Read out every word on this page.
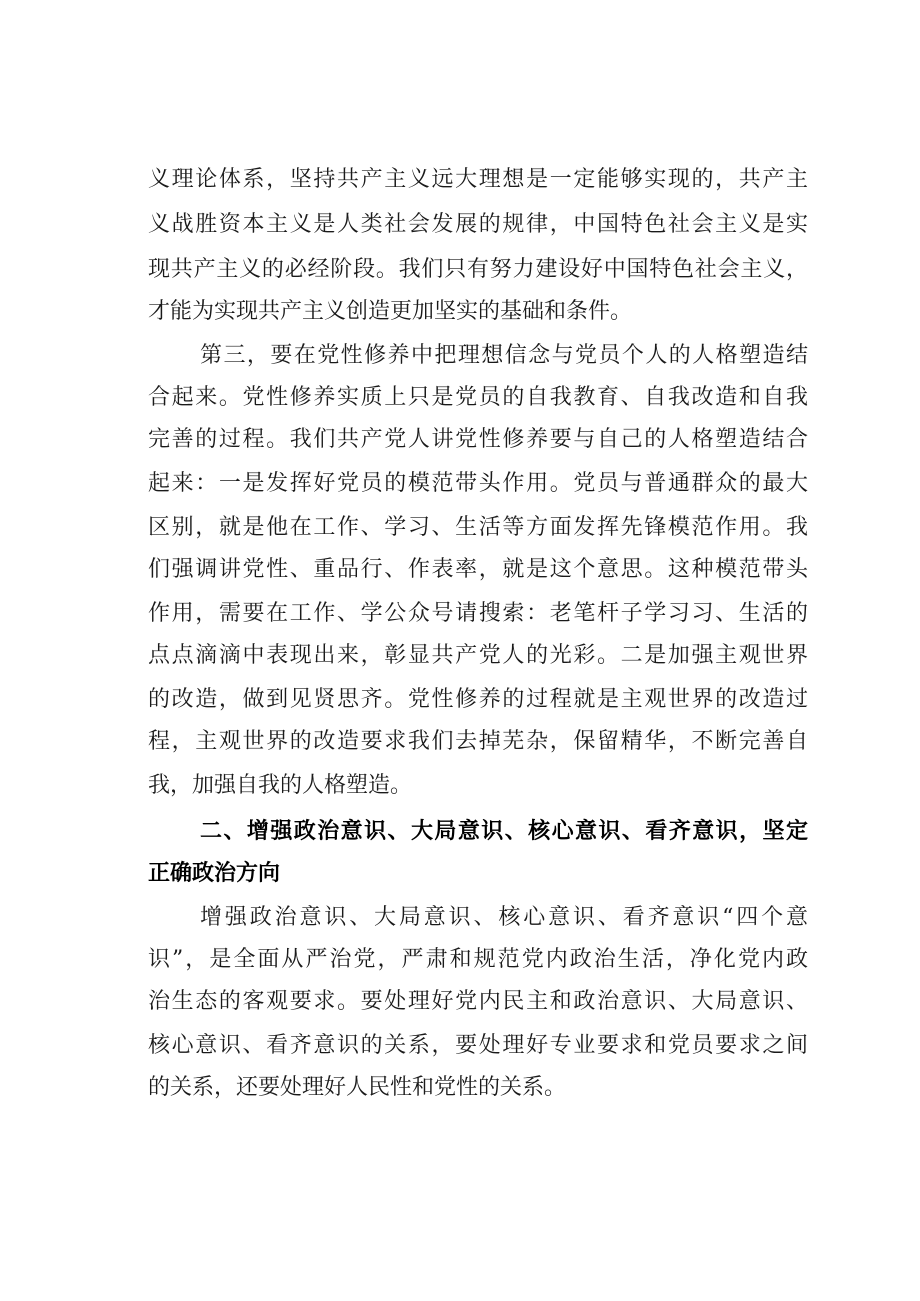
义理论体系，坚持共产主义远大理想是一定能够实现的，共产主
义战胜资本主义是人类社会发展的规律，中国特色社会主义是实
现共产主义的必经阶段。我们只有努力建设好中国特色社会主义，
才能为实现共产主义创造更加坚实的基础和条件。
第三，要在党性修养中把理想信念与党员个人的人格塑造结
合起来。党性修养实质上只是党员的自我教育、自我改造和自我
完善的过程。我们共产党人讲党性修养要与自己的人格塑造结合
起来：一是发挥好党员的模范带头作用。党员与普通群众的最大
区别，就是他在工作、学习、生活等方面发挥先锋模范作用。我
们强调讲党性、重品行、作表率，就是这个意思。这种模范带头
作用，需要在工作、学公众号请搜索：老笔杆子学习习、生活的
点点滴滴中表现出来，彰显共产党人的光彩。二是加强主观世界
的改造，做到见贤思齐。党性修养的过程就是主观世界的改造过
程，主观世界的改造要求我们去掉芜杂，保留精华，不断完善自
我，加强自我的人格塑造。
二、增强政治意识、大局意识、核心意识、看齐意识，坚定
正确政治方向
增强政治意识、大局意识、核心意识、看齐意识“四个意
识”，是全面从严治党，严肃和规范党内政治生活，净化党内政
治生态的客观要求。要处理好党内民主和政治意识、大局意识、
核心意识、看齐意识的关系，要处理好专业要求和党员要求之间
的关系，还要处理好人民性和党性的关系。
